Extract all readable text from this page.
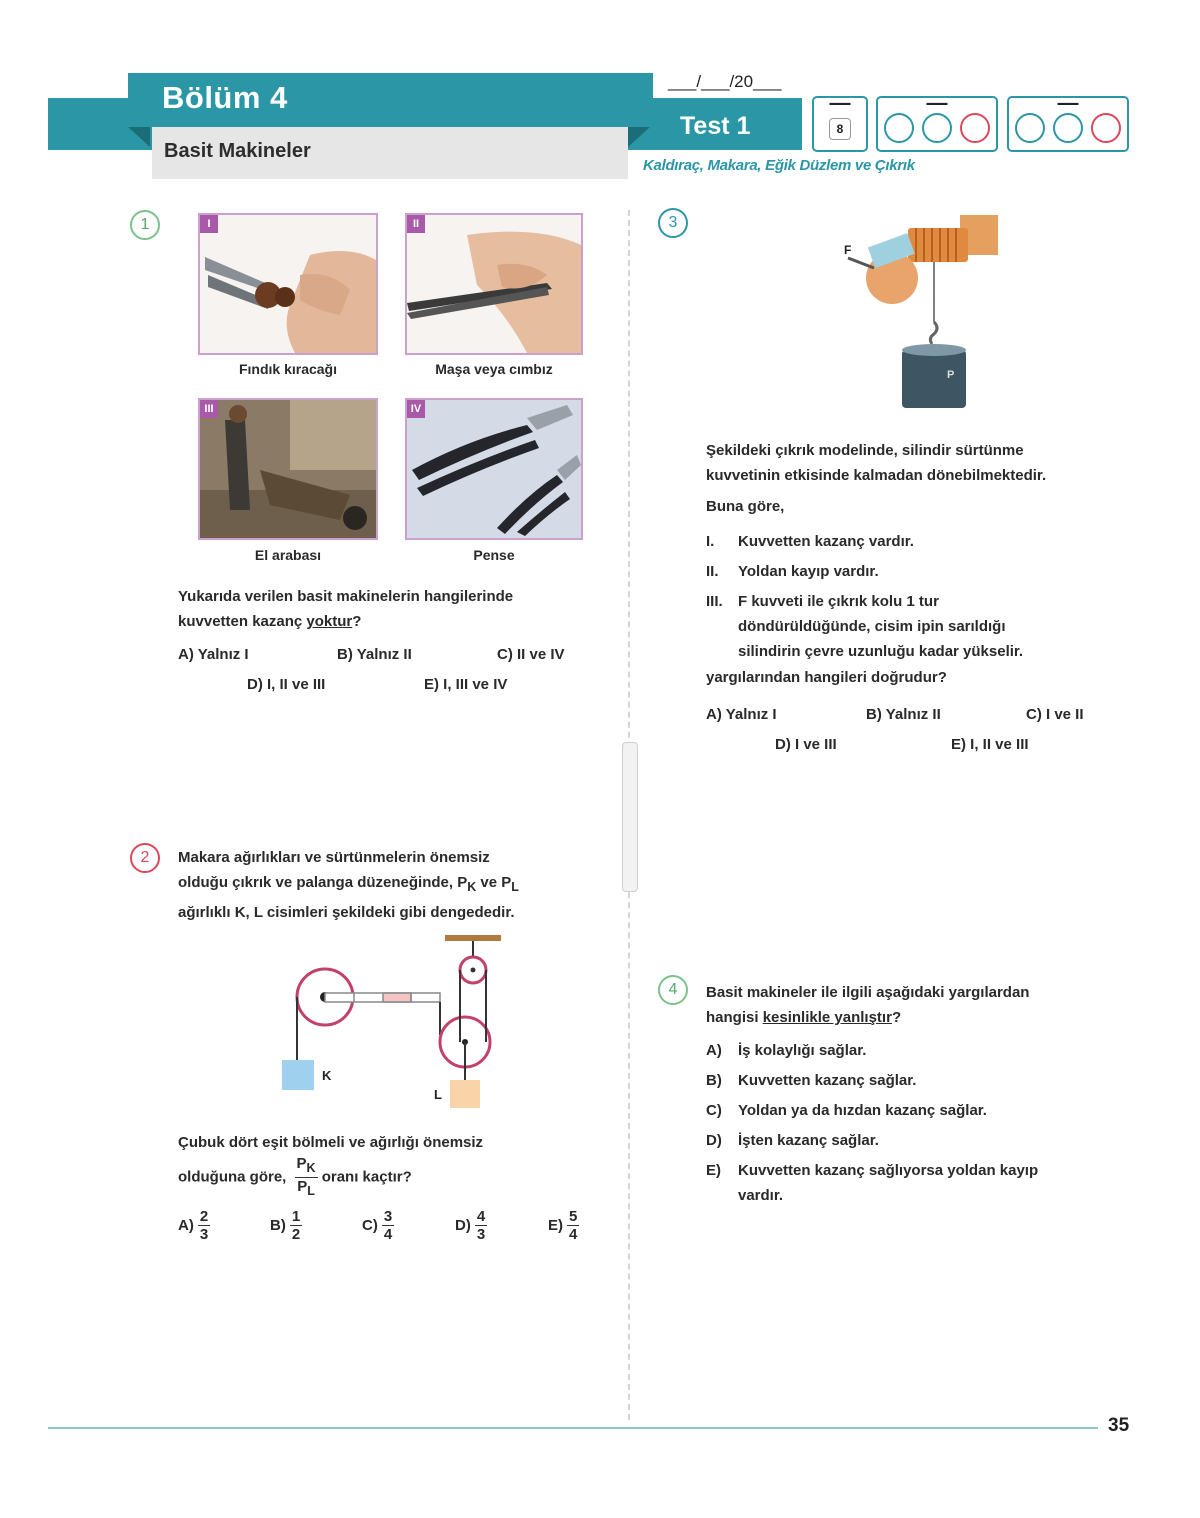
Bölüm 4
Basit Makineler
Test 1
___/___/20___
Kaldıraç, Makara, Eğik Düzlem ve Çıkrık
▬▬▬
8
▬▬▬	▬▬▬
1	I
Fındık kıracağı
II
Maşa veya cımbız
III
El arabası
IV
Pense
Yukarıda verilen basit makinelerin hangilerinde
kuvvetten kazanç yoktur?
A) Yalnız I	B) Yalnız II	C) II ve IV
D) I, II ve III	E) I, III ve IV
2	Makara ağırlıkları ve sürtünmelerin önemsiz
olduğu çıkrık ve palanga düzeneğinde, $P_K$ ve $P_L$
ağırlıklı K, L cisimleri şekildeki gibi dengededir.
K
L
Çubuk dört eşit bölmeli ve ağırlığı önemsiz
olduğuna göre, $\frac{P_K}{P_L}$ oranı kaçtır?
$A) \frac{2}{3}$	$B) \frac{1}{2}$	$C) \frac{3}{4}$	$D) \frac{4}{3}$	$E) \frac{5}{4}$
3
F
P
Şekildeki çıkrık modelinde, silindir sürtünme
kuvvetinin etkisinde kalmadan dönebilmektedir.
Buna göre,
I. Kuvvetten kazanç vardır.
II. Yoldan kayıp vardır.
III. F kuvveti ile çıkrık kolu 1 tur
döndürüldüğünde, cisim ipin sarıldığı
silindirin çevre uzunluğu kadar yükselir.
yargılarından hangileri doğrudur?
A) Yalnız I	B) Yalnız II	C) I ve II
D) I ve III	E) I, II ve III
4	Basit makineler ile ilgili aşağıdaki yargılardan
hangisi kesinlikle yanlıştır?
A) İş kolaylığı sağlar.
B) Kuvvetten kazanç sağlar.
C) Yoldan ya da hızdan kazanç sağlar.
D) İşten kazanç sağlar.
E) Kuvvetten kazanç sağlıyorsa yoldan kayıp
vardır.
35
